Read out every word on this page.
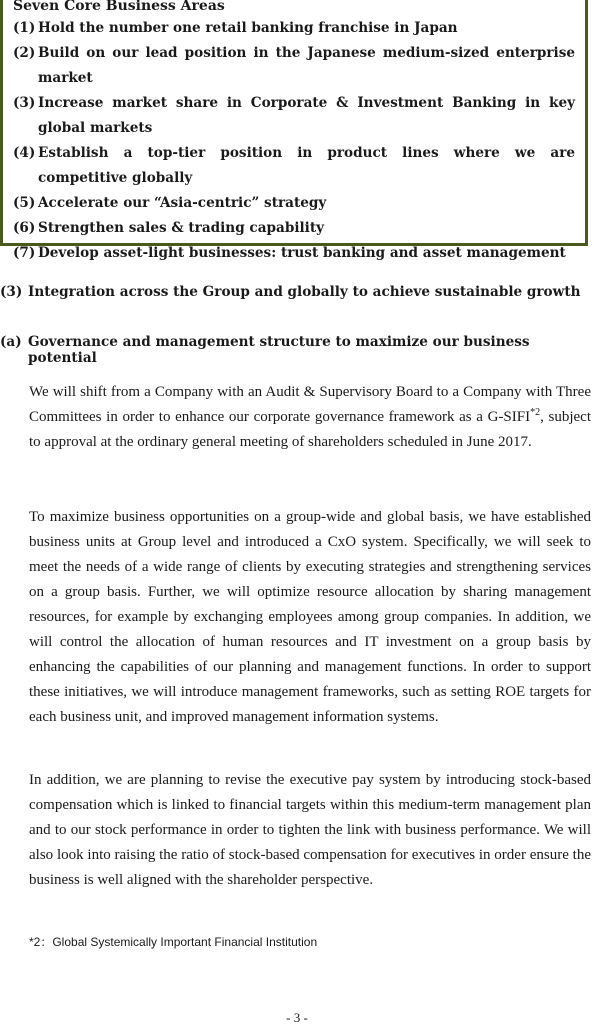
Seven Core Business Areas
(1) Hold the number one retail banking franchise in Japan
(2) Build on our lead position in the Japanese medium-sized enterprise market
(3) Increase market share in Corporate & Investment Banking in key global markets
(4) Establish a top-tier position in product lines where we are competitive globally
(5) Accelerate our “Asia-centric” strategy
(6) Strengthen sales & trading capability
(7) Develop asset-light businesses: trust banking and asset management
(3) Integration across the Group and globally to achieve sustainable growth
(a) Governance and management structure to maximize our business potential

We will shift from a Company with an Audit & Supervisory Board to a Company with Three Committees in order to enhance our corporate governance framework as a G-SIFI$^{*2}$, subject to approval at the ordinary general meeting of shareholders scheduled in June 2017.

To maximize business opportunities on a group-wide and global basis, we have established business units at Group level and introduced a CxO system. Specifically, we will seek to meet the needs of a wide range of clients by executing strategies and strengthening services on a group basis. Further, we will optimize resource allocation by sharing management resources, for example by exchanging employees among group companies. In addition, we will control the allocation of human resources and IT investment on a group basis by enhancing the capabilities of our planning and management functions. In order to support these initiatives, we will introduce management frameworks, such as setting ROE targets for each business unit, and improved management information systems.

In addition, we are planning to revise the executive pay system by introducing stock-based compensation which is linked to financial targets within this medium-term management plan and to our stock performance in order to tighten the link with business performance. We will also look into raising the ratio of stock-based compensation for executives in order ensure the business is well aligned with the shareholder perspective.

*2：Global Systemically Important Financial Institution
- 3 -
